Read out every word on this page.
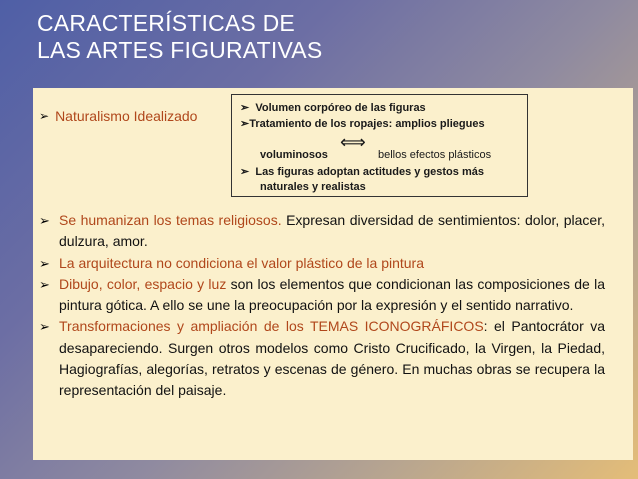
CARACTERÍSTICAS DE
LAS ARTES FIGURATIVAS
➢ Naturalismo Idealizado	➢ Volumen corpóreo de las figuras
➢Tratamiento de los ropajes: amplios pliegues
⟺
voluminosos	bellos efectos plásticos
➢ Las figuras adoptan actitudes y gestos más
naturales y realistas
➢ Se humanizan los temas religiosos. Expresan diversidad de sentimientos: dolor, placer, dulzura, amor.
➢ La arquitectura no condiciona el valor plástico de la pintura
➢ Dibujo, color, espacio y luz son los elementos que condicionan las composiciones de la pintura gótica. A ello se une la preocupación por la expresión y el sentido narrativo.
➢ Transformaciones y ampliación de los TEMAS ICONOGRÁFICOS: el Pantocrátor va desapareciendo. Surgen otros modelos como Cristo Crucificado, la Virgen, la Piedad, Hagiografías, alegorías, retratos y escenas de género. En muchas obras se recupera la representación del paisaje.
